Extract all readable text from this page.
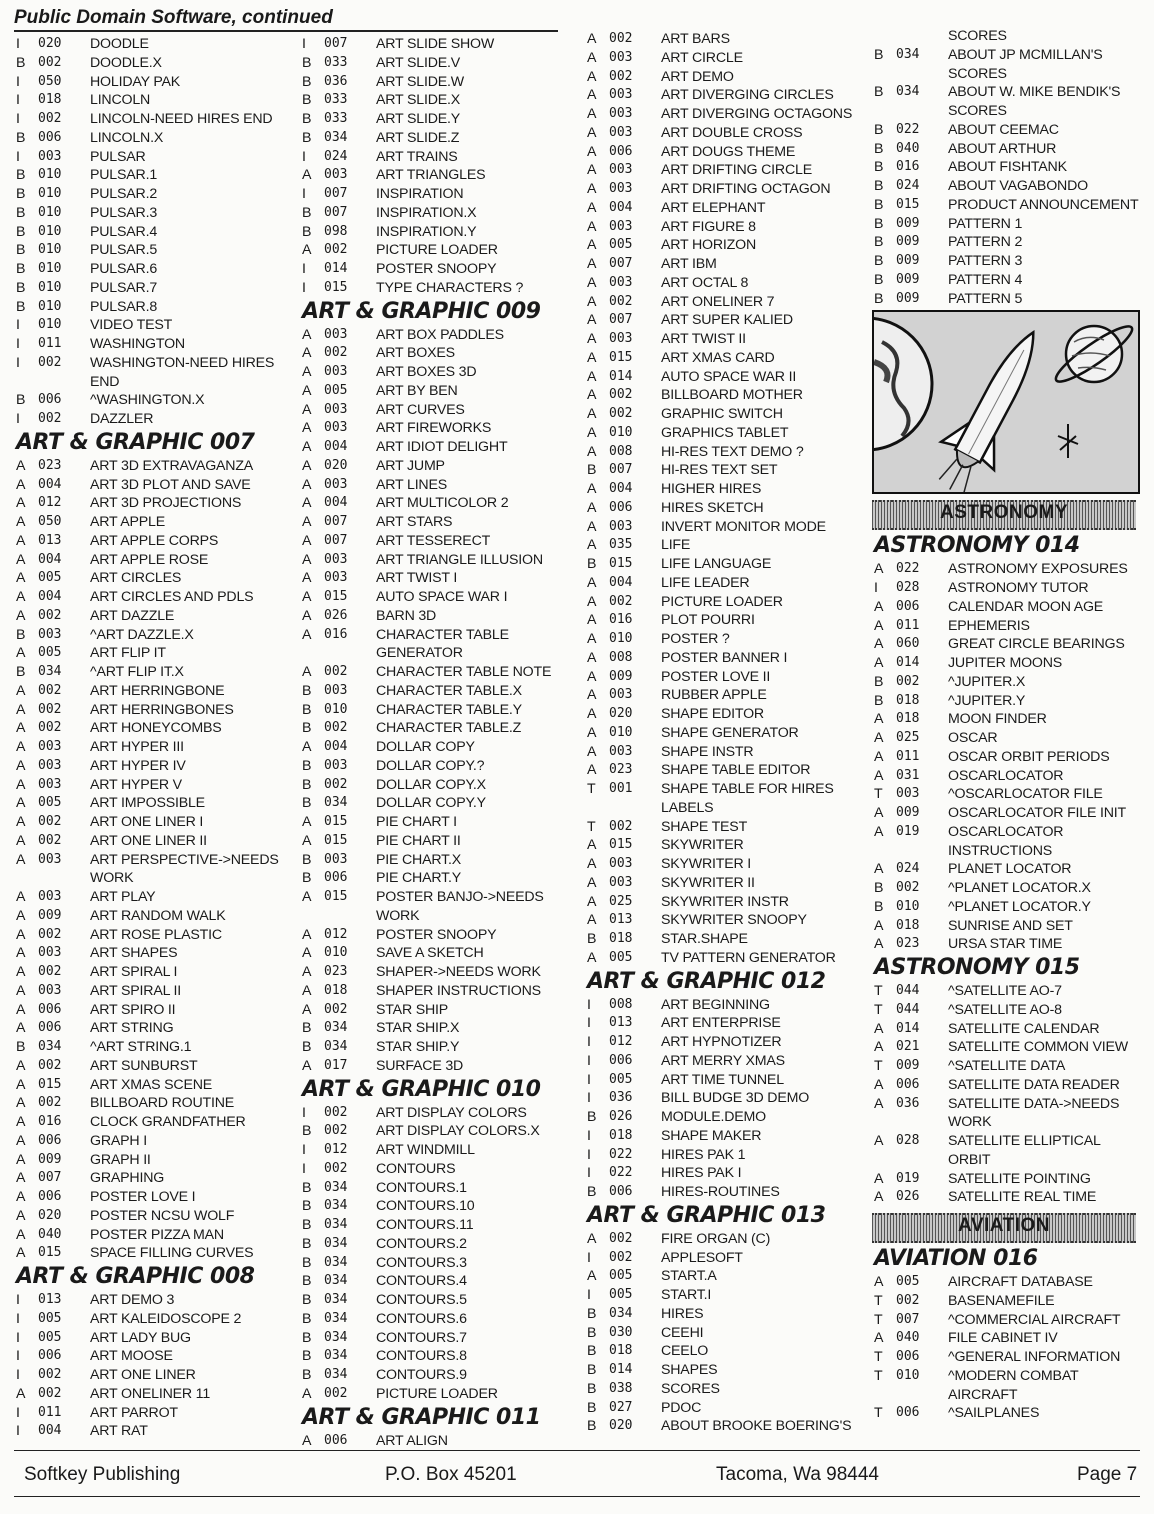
Public Domain Software, continued
I	020	DOODLE
B 002	DOODLE.X
I	050	HOLIDAY PAK
I	018	LINCOLN
I	002	LINCOLN-NEED HIRES END
B 006	LINCOLN.X
I	003	PULSAR
B 010	PULSAR.1
B 010	PULSAR.2
B 010	PULSAR.3
B 010	PULSAR.4
B 010	PULSAR.5
B 010	PULSAR.6
B 010	PULSAR.7
B 010	PULSAR.8
I	010	VIDEO TEST
I	011	WASHINGTON
I	002	WASHINGTON-NEED HIRES END
B 006	^WASHINGTON.X
I	002	DAZZLER
ART & GRAPHIC 007
A 023	ART 3D EXTRAVAGANZA
A 004	ART 3D PLOT AND SAVE
A 012	ART 3D PROJECTIONS
A 050	ART APPLE
A 013	ART APPLE CORPS
A 004	ART APPLE ROSE
A 005	ART CIRCLES
A 004	ART CIRCLES AND PDLS
A 002	ART DAZZLE
B 003	^ART DAZZLE.X
A 005	ART FLIP IT
B 034	^ART FLIP IT.X
A 002	ART HERRINGBONE
A 002	ART HERRINGBONES
A 002	ART HONEYCOMBS
A 003	ART HYPER III
A 003	ART HYPER IV
A 003	ART HYPER V
A 005	ART IMPOSSIBLE
A 002	ART ONE LINER I
A 002	ART ONE LINER II
A 003	ART PERSPECTIVE->NEEDS WORK
A 003	ART PLAY
A 009	ART RANDOM WALK
A 002	ART ROSE PLASTIC
A 003	ART SHAPES
A 002	ART SPIRAL I
A 003	ART SPIRAL II
A 006	ART SPIRO II
A 006	ART STRING
B 034	^ART STRING.1
A 002	ART SUNBURST
A 015	ART XMAS SCENE
A 002	BILLBOARD ROUTINE
A 016	CLOCK GRANDFATHER
A 006	GRAPH I
A 009	GRAPH II
A 007	GRAPHING
A 006	POSTER LOVE I
A 020	POSTER NCSU WOLF
A 040	POSTER PIZZA MAN
A 015	SPACE FILLING CURVES
ART & GRAPHIC 008
I	013	ART DEMO 3
I	005	ART KALEIDOSCOPE 2
I	005	ART LADY BUG
I	006	ART MOOSE
I	002	ART ONE LINER
A 002	ART ONELINER 11
I	011	ART PARROT
I	004	ART RAT
I	007	ART SLIDE SHOW
B 033	ART SLIDE.V
B 036	ART SLIDE.W
B 033	ART SLIDE.X
B 033	ART SLIDE.Y
B 034	ART SLIDE.Z
I	024	ART TRAINS
A 003	ART TRIANGLES
I	007	INSPIRATION
B 007	INSPIRATION.X
B 098	INSPIRATION.Y
A 002	PICTURE LOADER
I	014	POSTER SNOOPY
I	015	TYPE CHARACTERS ?
ART & GRAPHIC 009
A 003	ART BOX PADDLES
A 002	ART BOXES
A 003	ART BOXES 3D
A 005	ART BY BEN
A 003	ART CURVES
A 003	ART FIREWORKS
A 004	ART IDIOT DELIGHT
A 020	ART JUMP
A 003	ART LINES
A 004	ART MULTICOLOR 2
A 007	ART STARS
A 007	ART TESSERECT
A 003	ART TRIANGLE ILLUSION
A 003	ART TWIST I
A 015	AUTO SPACE WAR I
A 026	BARN 3D
A 016	CHARACTER TABLE GENERATOR
A 002	CHARACTER TABLE NOTE
B 003	CHARACTER TABLE.X
B 010	CHARACTER TABLE.Y
B 002	CHARACTER TABLE.Z
A 004	DOLLAR COPY
B 003	DOLLAR COPY.?
B 002	DOLLAR COPY.X
B 034	DOLLAR COPY.Y
A 015	PIE CHART I
A 015	PIE CHART II
B 003	PIE CHART.X
B 006	PIE CHART.Y
A 015	POSTER BANJO->NEEDS WORK
A 012	POSTER SNOOPY
A 010	SAVE A SKETCH
A 023	SHAPER->NEEDS WORK
A 018	SHAPER INSTRUCTIONS
A 002	STAR SHIP
B 034	STAR SHIP.X
B 034	STAR SHIP.Y
A 017	SURFACE 3D
ART & GRAPHIC 010
I	002	ART DISPLAY COLORS
B 002	ART DISPLAY COLORS.X
I	012	ART WINDMILL
I	002	CONTOURS
B 034	CONTOURS.1
B 034	CONTOURS.10
B 034	CONTOURS.11
B 034	CONTOURS.2
B 034	CONTOURS.3
B 034	CONTOURS.4
B 034	CONTOURS.5
B 034	CONTOURS.6
B 034	CONTOURS.7
B 034	CONTOURS.8
B 034	CONTOURS.9
A 002	PICTURE LOADER
ART & GRAPHIC 011
A 006	ART ALIGN
A 002	ART BARS
A 003	ART CIRCLE
A 002	ART DEMO
A 003	ART DIVERGING CIRCLES
A 003	ART DIVERGING OCTAGONS
A 003	ART DOUBLE CROSS
A 006	ART DOUGS THEME
A 003	ART DRIFTING CIRCLE
A 003	ART DRIFTING OCTAGON
A 004	ART ELEPHANT
A 003	ART FIGURE 8
A 005	ART HORIZON
A 007	ART IBM
A 003	ART OCTAL 8
A 002	ART ONELINER 7
A 007	ART SUPER KALIED
A 003	ART TWIST II
A 015	ART XMAS CARD
A 014	AUTO SPACE WAR II
A 002	BILLBOARD MOTHER
A 002	GRAPHIC SWITCH
A 010	GRAPHICS TABLET
A 008	HI-RES TEXT DEMO ?
B 007	HI-RES TEXT SET
A 004	HIGHER HIRES
A 006	HIRES SKETCH
A 003	INVERT MONITOR MODE
A 035	LIFE
B 015	LIFE LANGUAGE
A 004	LIFE LEADER
A 002	PICTURE LOADER
A 016	PLOT POURRI
A 010	POSTER ?
A 008	POSTER BANNER I
A 009	POSTER LOVE II
A 003	RUBBER APPLE
A 020	SHAPE EDITOR
A 010	SHAPE GENERATOR
A 003	SHAPE INSTR
A 023	SHAPE TABLE EDITOR
T	001	SHAPE TABLE FOR HIRES LABELS
T	002	SHAPE TEST
A 015	SKYWRITER
A 003	SKYWRITER I
A 003	SKYWRITER II
A 025	SKYWRITER INSTR
A 013	SKYWRITER SNOOPY
B 018	STAR.SHAPE
A 005	TV PATTERN GENERATOR
ART & GRAPHIC 012
I	008	ART BEGINNING
I	013	ART ENTERPRISE
I	012	ART HYPNOTIZER
I	006	ART MERRY XMAS
I	005	ART TIME TUNNEL
I	036	BILL BUDGE 3D DEMO
B 026	MODULE.DEMO
I	018	SHAPE MAKER
I	022	HIRES PAK 1
I	022	HIRES PAK I
B 006	HIRES-ROUTINES
ART & GRAPHIC 013
A 002	FIRE ORGAN (C)
I	002	APPLESOFT
A 005	START.A
I	005	START.I
B 034	HIRES
B 030	CEEHI
B 018	CEELO
B 014	SHAPES
B 038	SCORES
B 027	PDOC
B 020	ABOUT BROOKE BOERING'S
SCORES
B 034	ABOUT JP MCMILLAN'S SCORES
B 034	ABOUT W. MIKE BENDIK'S SCORES
B 022	ABOUT CEEMAC
B 040	ABOUT ARTHUR
B 016	ABOUT FISHTANK
B 024	ABOUT VAGABONDO
B 015	PRODUCT ANNOUNCEMENT
B 009	PATTERN 1
B 009	PATTERN 2
B 009	PATTERN 3
B 009	PATTERN 4
B 009	PATTERN 5
ASTRONOMY
ASTRONOMY 014
A 022	ASTRONOMY EXPOSURES
I	028	ASTRONOMY TUTOR
A 006	CALENDAR MOON AGE
A 011	EPHEMERIS
A 060	GREAT CIRCLE BEARINGS
A 014	JUPITER MOONS
B 002	^JUPITER.X
B 018	^JUPITER.Y
A 018	MOON FINDER
A 025	OSCAR
A 011	OSCAR ORBIT PERIODS
A 031	OSCARLOCATOR
T	003	^OSCARLOCATOR FILE
A 009	OSCARLOCATOR FILE INIT
A 019	OSCARLOCATOR INSTRUCTIONS
A 024	PLANET LOCATOR
B 002	^PLANET LOCATOR.X
B 010	^PLANET LOCATOR.Y
A 018	SUNRISE AND SET
A 023	URSA STAR TIME
ASTRONOMY 015
T	044	^SATELLITE AO-7
T	044	^SATELLITE AO-8
A 014	SATELLITE CALENDAR
A 021	SATELLITE COMMON VIEW
T	009	^SATELLITE DATA
A 006	SATELLITE DATA READER
A 036	SATELLITE DATA->NEEDS WORK
A 028	SATELLITE ELLIPTICAL ORBIT
A 019	SATELLITE POINTING
A 026	SATELLITE REAL TIME
AVIATION
AVIATION 016
A 005	AIRCRAFT DATABASE
T	002	BASENAMEFILE
T	007	^COMMERCIAL AIRCRAFT
A 040	FILE CABINET IV
T	006	^GENERAL INFORMATION
T	010	^MODERN COMBAT AIRCRAFT
T	006	^SAILPLANES
Softkey Publishing	P.O. Box 45201	Tacoma, Wa 98444	Page 7
